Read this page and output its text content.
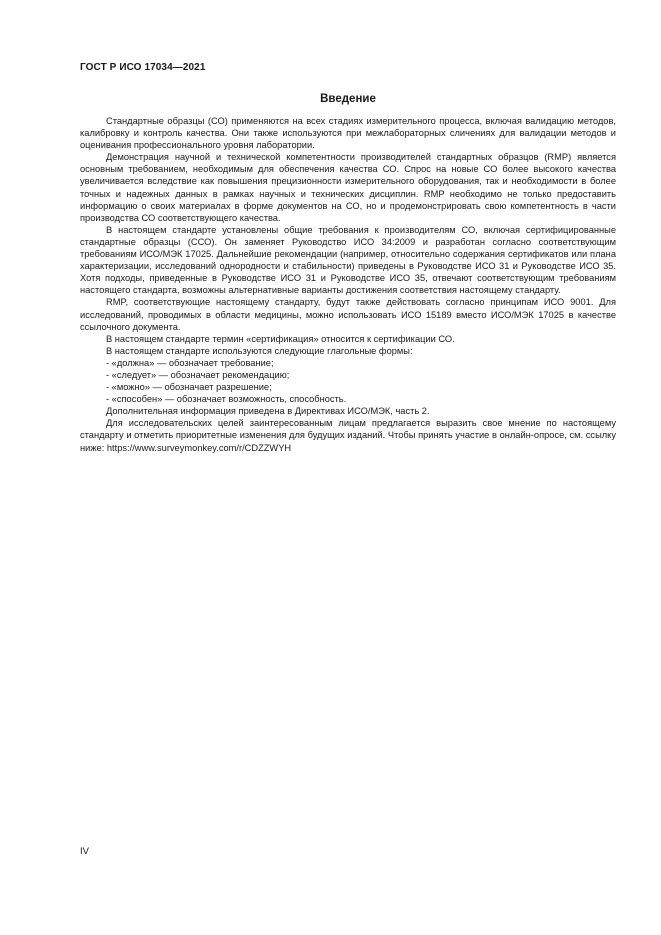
ГОСТ Р ИСО 17034—2021
Введение

Стандартные образцы (СО) применяются на всех стадиях измерительного процесса, включая валидацию методов, калибровку и контроль качества. Они также используются при межлабораторных сличениях для валидации методов и оценивания профессионального уровня лаборатории.

Демонстрация научной и технической компетентности производителей стандартных образцов (RMP) является основным требованием, необходимым для обеспечения качества СО. Спрос на новые СО более высокого качества увеличивается вследствие как повышения прецизионности измерительного оборудования, так и необходимости в более точных и надежных данных в рамках научных и технических дисциплин. RMP необходимо не только предоставить информацию о своих материалах в форме документов на СО, но и продемонстрировать свою компетентность в части производства СО соответствующего качества.

В настоящем стандарте установлены общие требования к производителям СО, включая сертифицированные стандартные образцы (ССО). Он заменяет Руководство ИСО 34:2009 и разработан согласно соответствующим требованиям ИСО/МЭК 17025. Дальнейшие рекомендации (например, относительно содержания сертификатов или плана характеризации, исследований однородности и стабильности) приведены в Руководстве ИСО 31 и Руководстве ИСО 35. Хотя подходы, приведенные в Руководстве ИСО 31 и Руководстве ИСО 35, отвечают соответствующим требованиям настоящего стандарта, возможны альтернативные варианты достижения соответствия настоящему стандарту.

RMP, соответствующие настоящему стандарту, будут также действовать согласно принципам ИСО 9001. Для исследований, проводимых в области медицины, можно использовать ИСО 15189 вместо ИСО/МЭК 17025 в качестве ссылочного документа.

В настоящем стандарте термин «сертификация» относится к сертификации СО.

В настоящем стандарте используются следующие глагольные формы:

- «должна» — обозначает требование;

- «следует» — обозначает рекомендацию;

- «можно» — обозначает разрешение;

- «способен» — обозначает возможность, способность.

Дополнительная информация приведена в Директивах ИСО/МЭК, часть 2.

Для исследовательских целей заинтересованным лицам предлагается выразить свое мнение по настоящему стандарту и отметить приоритетные изменения для будущих изданий. Чтобы принять участие в онлайн-опросе, см. ссылку ниже: https://www.surveymonkey.com/r/CDZZWYH

IV
